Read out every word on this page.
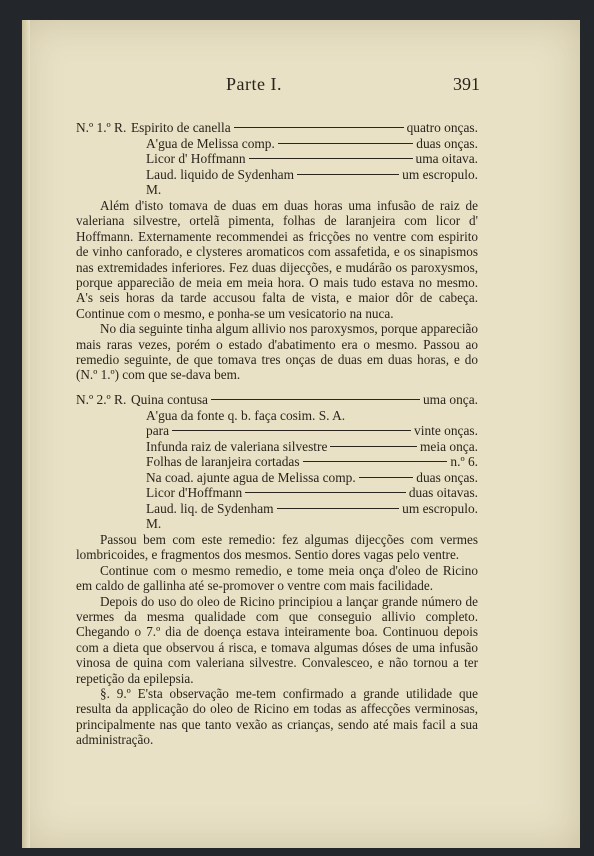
Parte I.	391
N.º 1.º R. Espirito de canella	quatro onças.
A'gua de Melissa comp.	duas onças.
Licor d' Hoffmann	uma oitava.
Laud. liquido de Sydenham	um escropulo.
M.

Além d'isto tomava de duas em duas horas uma infusão de raiz de valeriana silvestre, ortelã pimenta, folhas de laranjeira com licor d' Hoffmann. Externamente recommendei as fricções no ventre com espirito de vinho canforado, e clysteres aromaticos com assafetida, e os sinapismos nas extremidades inferiores. Fez duas dijecções, e mudárão os paroxysmos, porque apparecião de meia em meia hora. O mais tudo estava no mesmo. A's seis horas da tarde accusou falta de vista, e maior dôr de cabeça. Continue com o mesmo, e ponha-se um vesicatorio na nuca.

No dia seguinte tinha algum allivio nos paroxysmos, porque apparecião mais raras vezes, porém o estado d'abatimento era o mesmo. Passou ao remedio seguinte, de que tomava tres onças de duas em duas horas, e do (N.º 1.º) com que se-dava bem.

N.º 2.º R. Quina contusa	uma onça.
A'gua da fonte q. b. faça cosim. S. A.
para	vinte onças.
Infunda raiz de valeriana silvestre	meia onça.
Folhas de laranjeira cortadas	n.º 6.
Na coad. ajunte agua de Melissa comp.	duas onças.
Licor d'Hoffmann	duas oitavas.
Laud. liq. de Sydenham	um escropulo.
M.

Passou bem com este remedio: fez algumas dijecções com vermes lombricoides, e fragmentos dos mesmos. Sentio dores vagas pelo ventre.

Continue com o mesmo remedio, e tome meia onça d'oleo de Ricino em caldo de gallinha até se-promover o ventre com mais facilidade.

Depois do uso do oleo de Ricino principiou a lançar grande número de vermes da mesma qualidade com que conseguio allivio completo. Chegando o 7.º dia de doença estava inteiramente boa. Continuou depois com a dieta que observou á risca, e tomava algumas dóses de uma infusão vinosa de quina com valeriana silvestre. Convalesceo, e não tornou a ter repetição da epilepsia.

§. 9.º E'sta observação me-tem confirmado a grande utilidade que resulta da applicação do oleo de Ricino em todas as affecções verminosas, principalmente nas que tanto vexão as crianças, sendo até mais facil a sua administração.
